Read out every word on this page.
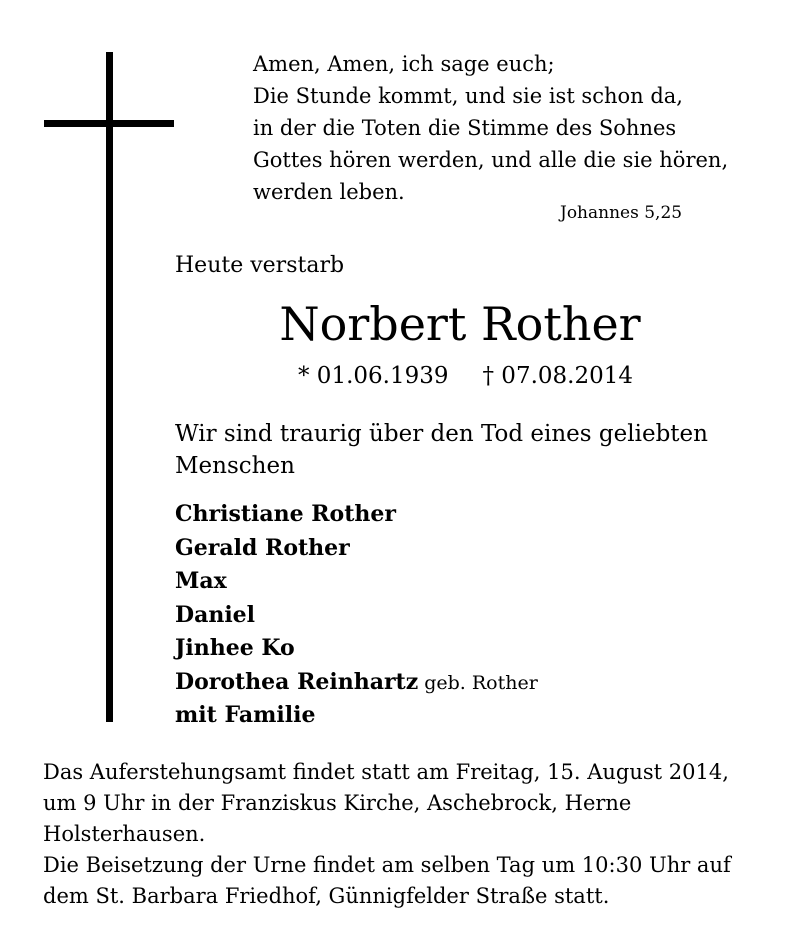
Amen, Amen, ich sage euch;
Die Stunde kommt, und sie ist schon da,
in der die Toten die Stimme des Sohnes
Gottes hören werden, und alle die sie hören,
werden leben.
Johannes 5,25
Heute verstarb
Norbert Rother
* 01.06.1939 † 07.08.2014
Wir sind traurig über den Tod eines geliebten
Menschen
Christiane Rother
Gerald Rother
Max
Daniel
Jinhee Ko
Dorothea Reinhartz geb. Rother
mit Familie
Das Auferstehungsamt findet statt am Freitag, 15. August 2014,
um 9 Uhr in der Franziskus Kirche, Aschebrock, Herne
Holsterhausen.
Die Beisetzung der Urne findet am selben Tag um 10:30 Uhr auf
dem St. Barbara Friedhof, Günnigfelder Straße statt.
